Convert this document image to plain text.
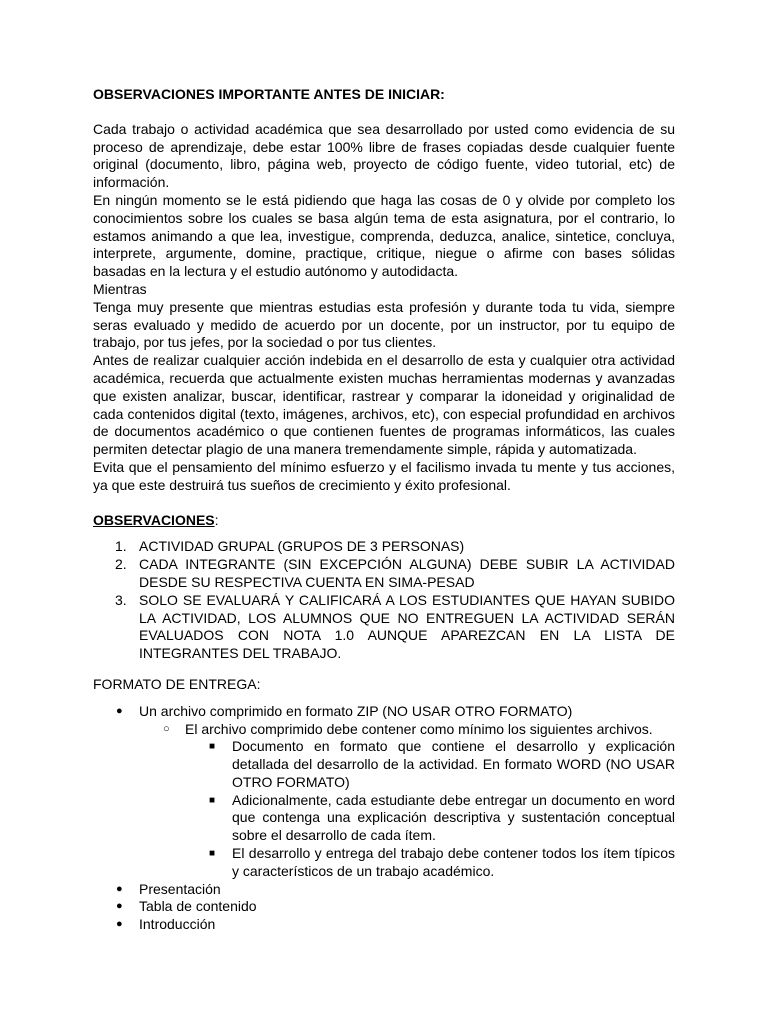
OBSERVACIONES IMPORTANTE ANTES DE INICIAR:

Cada trabajo o actividad académica que sea desarrollado por usted como evidencia de su proceso de aprendizaje, debe estar 100% libre de frases copiadas desde cualquier fuente original (documento, libro, página web, proyecto de código fuente, video tutorial, etc) de información.

En ningún momento se le está pidiendo que haga las cosas de 0 y olvide por completo los conocimientos sobre los cuales se basa algún tema de esta asignatura, por el contrario, lo estamos animando a que lea, investigue, comprenda, deduzca, analice, sintetice, concluya, interprete, argumente, domine, practique, critique, niegue o afirme con bases sólidas basadas en la lectura y el estudio autónomo y autodidacta.

Mientras

Tenga muy presente que mientras estudias esta profesión y durante toda tu vida, siempre seras evaluado y medido de acuerdo por un docente, por un instructor, por tu equipo de trabajo, por tus jefes, por la sociedad o por tus clientes.

Antes de realizar cualquier acción indebida en el desarrollo de esta y cualquier otra actividad académica, recuerda que actualmente existen muchas herramientas modernas y avanzadas que existen analizar, buscar, identificar, rastrear y comparar la idoneidad y originalidad de cada contenidos digital (texto, imágenes, archivos, etc), con especial profundidad en archivos de documentos académico o que contienen fuentes de programas informáticos, las cuales permiten detectar plagio de una manera tremendamente simple, rápida y automatizada.

Evita que el pensamiento del mínimo esfuerzo y el facilismo invada tu mente y tus acciones, ya que este destruirá tus sueños de crecimiento y éxito profesional.

OBSERVACIONES:
1. ACTIVIDAD GRUPAL (GRUPOS DE 3 PERSONAS)
2. CADA INTEGRANTE (SIN EXCEPCIÓN ALGUNA) DEBE SUBIR LA ACTIVIDAD DESDE SU RESPECTIVA CUENTA EN SIMA-PESAD
3. SOLO SE EVALUARÁ Y CALIFICARÁ A LOS ESTUDIANTES QUE HAYAN SUBIDO LA ACTIVIDAD, LOS ALUMNOS QUE NO ENTREGUEN LA ACTIVIDAD SERÁN EVALUADOS CON NOTA 1.0 AUNQUE APAREZCAN EN LA LISTA DE INTEGRANTES DEL TRABAJO.
FORMATO DE ENTREGA:
● Un archivo comprimido en formato ZIP (NO USAR OTRO FORMATO)
○ El archivo comprimido debe contener como mínimo los siguientes archivos.
■ Documento en formato que contiene el desarrollo y explicación detallada del desarrollo de la actividad. En formato WORD (NO USAR OTRO FORMATO)
■ Adicionalmente, cada estudiante debe entregar un documento en word que contenga una explicación descriptiva y sustentación conceptual sobre el desarrollo de cada ítem.
■ El desarrollo y entrega del trabajo debe contener todos los ítem típicos y característicos de un trabajo académico.
● Presentación
● Tabla de contenido
● Introducción
